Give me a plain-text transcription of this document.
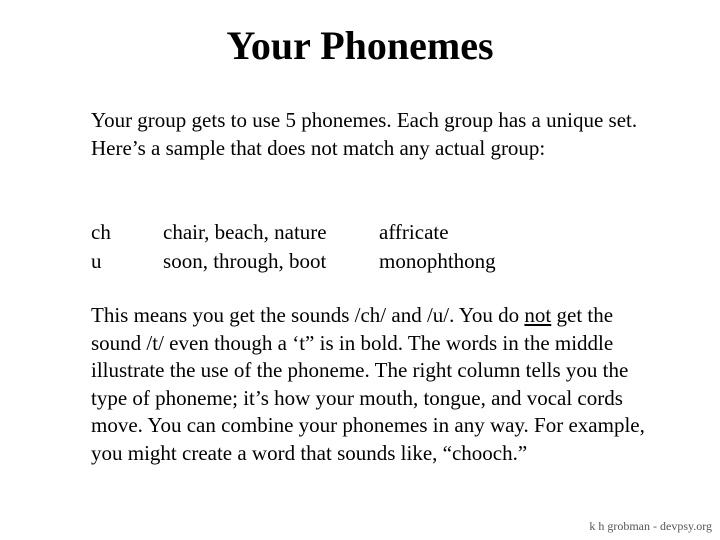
Your Phonemes
Your group gets to use 5 phonemes. Each group has a unique set. Here’s a sample that does not match any actual group:
ch chair, beach, nature affricate
u	soon, through, boot	monophthong
This means you get the sounds /ch/ and /u/. You do not get the sound /t/ even though a ‘t” is in bold. The words in the middle illustrate the use of the phoneme. The right column tells you the type of phoneme; it’s how your mouth, tongue, and vocal cords move. You can combine your phonemes in any way. For example, you might create a word that sounds like, “chooch.”
k h grobman - devpsy.org
